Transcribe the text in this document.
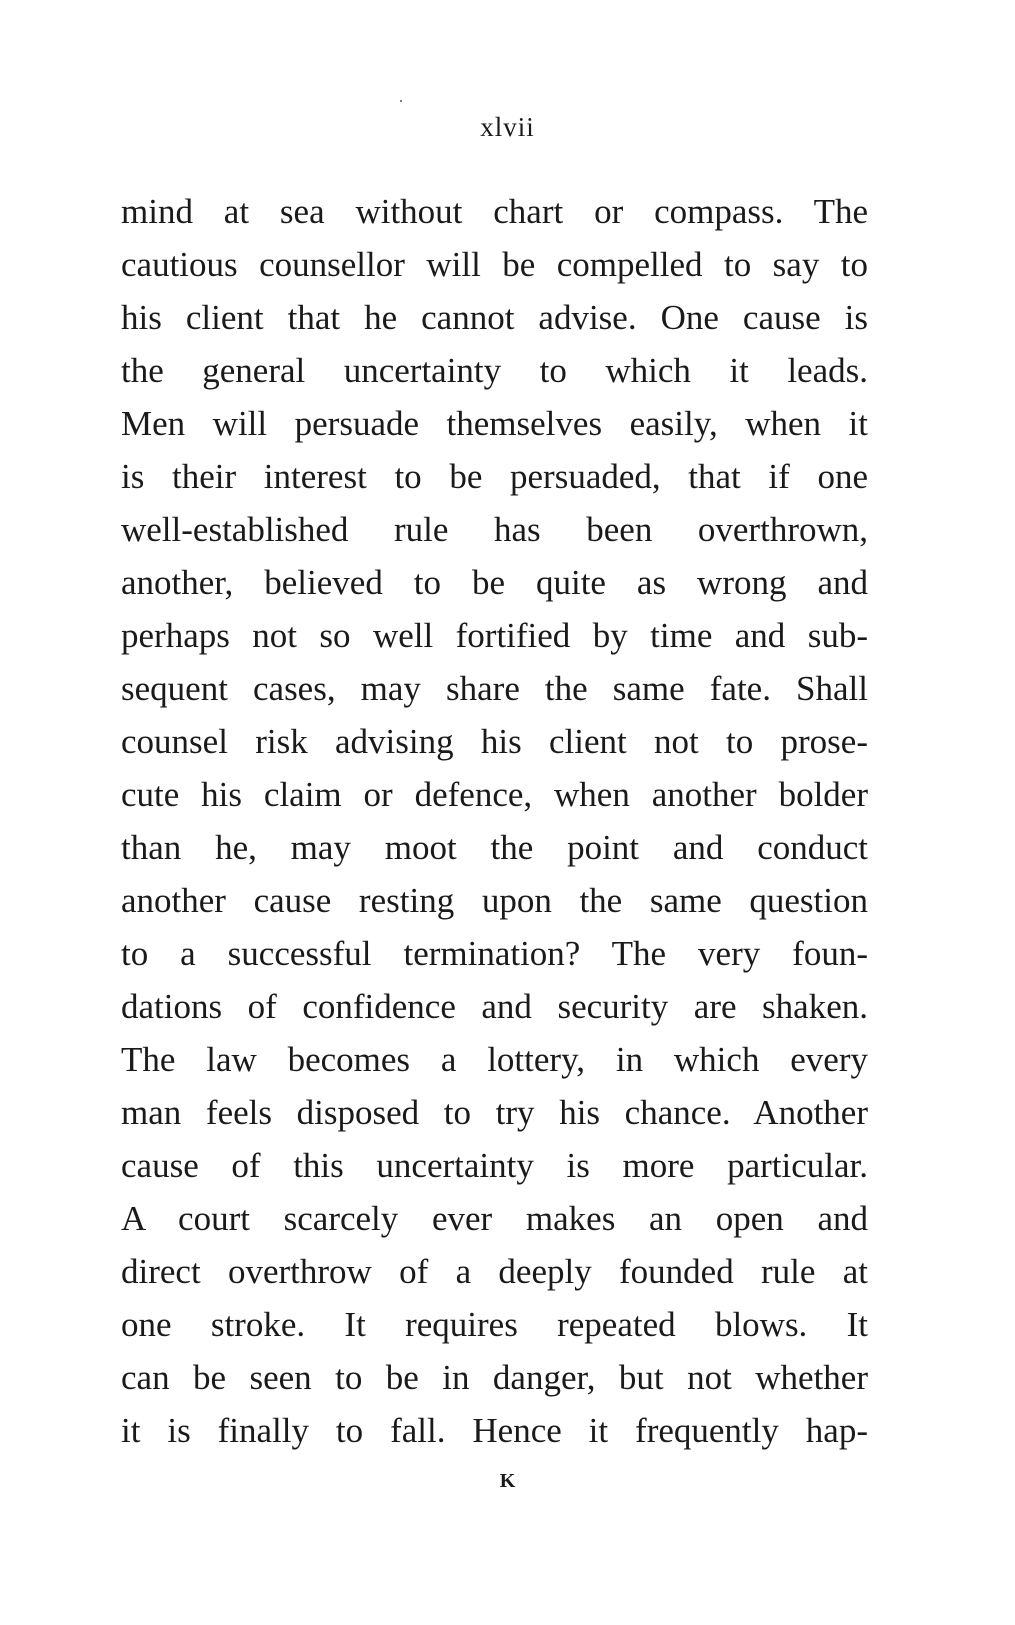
xlvii
mind at sea without chart or compass. The
cautious counsellor will be compelled to say to
his client that he cannot advise. One cause is
the general uncertainty to which it leads.
Men will persuade themselves easily, when it
is their interest to be persuaded, that if one
well-established rule has been overthrown,
another, believed to be quite as wrong and
perhaps not so well fortified by time and sub-
sequent cases, may share the same fate. Shall
counsel risk advising his client not to prose-
cute his claim or defence, when another bolder
than he, may moot the point and conduct
another cause resting upon the same question
to a successful termination? The very foun-
dations of confidence and security are shaken.
The law becomes a lottery, in which every
man feels disposed to try his chance. Another
cause of this uncertainty is more particular.
A court scarcely ever makes an open and
direct overthrow of a deeply founded rule at
one stroke. It requires repeated blows. It
can be seen to be in danger, but not whether
it is finally to fall. Hence it frequently hap-
K
